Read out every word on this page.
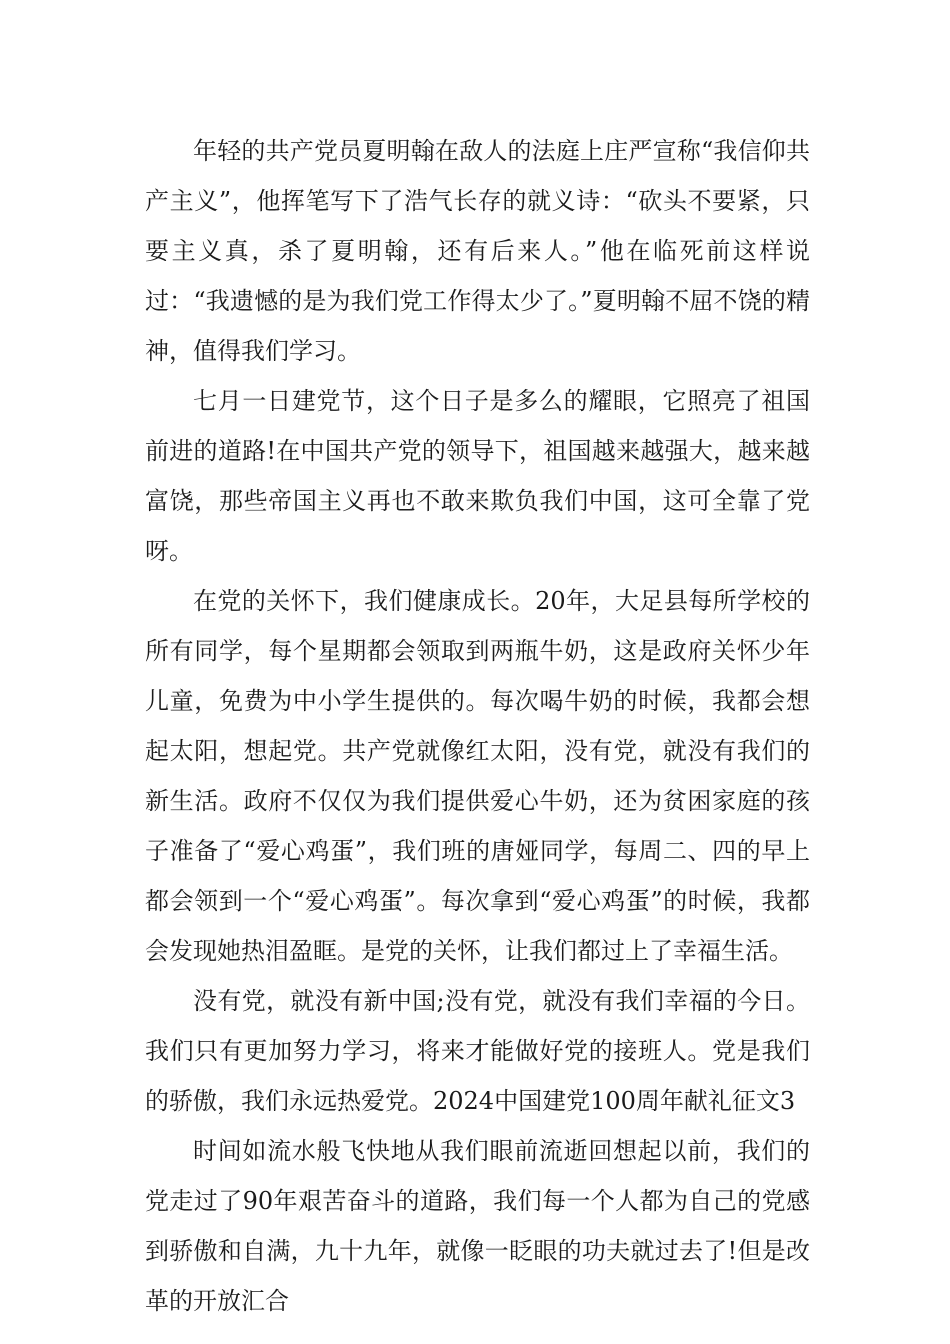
年轻的共产党员夏明翰在敌人的法庭上庄严宣称“我信仰共产主义”，他挥笔写下了浩气长存的就义诗：“砍头不要紧，只要主义真，杀了夏明翰，还有后来人。”他在临死前这样说过：“我遗憾的是为我们党工作得太少了。”夏明翰不屈不饶的精神，值得我们学习。

七月一日建党节，这个日子是多么的耀眼，它照亮了祖国前进的道路!在中国共产党的领导下，祖国越来越强大，越来越富饶，那些帝国主义再也不敢来欺负我们中国，这可全靠了党呀。

在党的关怀下，我们健康成长。20年，大足县每所学校的所有同学，每个星期都会领取到两瓶牛奶，这是政府关怀少年儿童，免费为中小学生提供的。每次喝牛奶的时候，我都会想起太阳，想起党。共产党就像红太阳，没有党，就没有我们的新生活。政府不仅仅为我们提供爱心牛奶，还为贫困家庭的孩子准备了“爱心鸡蛋”，我们班的唐娅同学，每周二、四的早上都会领到一个“爱心鸡蛋”。每次拿到“爱心鸡蛋”的时候，我都会发现她热泪盈眶。是党的关怀，让我们都过上了幸福生活。

没有党，就没有新中国;没有党，就没有我们幸福的今日。我们只有更加努力学习，将来才能做好党的接班人。党是我们的骄傲，我们永远热爱党。2024中国建党100周年献礼征文3

时间如流水般飞快地从我们眼前流逝回想起以前，我们的党走过了90年艰苦奋斗的道路，我们每一个人都为自己的党感到骄傲和自满，九十九年，就像一眨眼的功夫就过去了!但是改革的开放汇合
